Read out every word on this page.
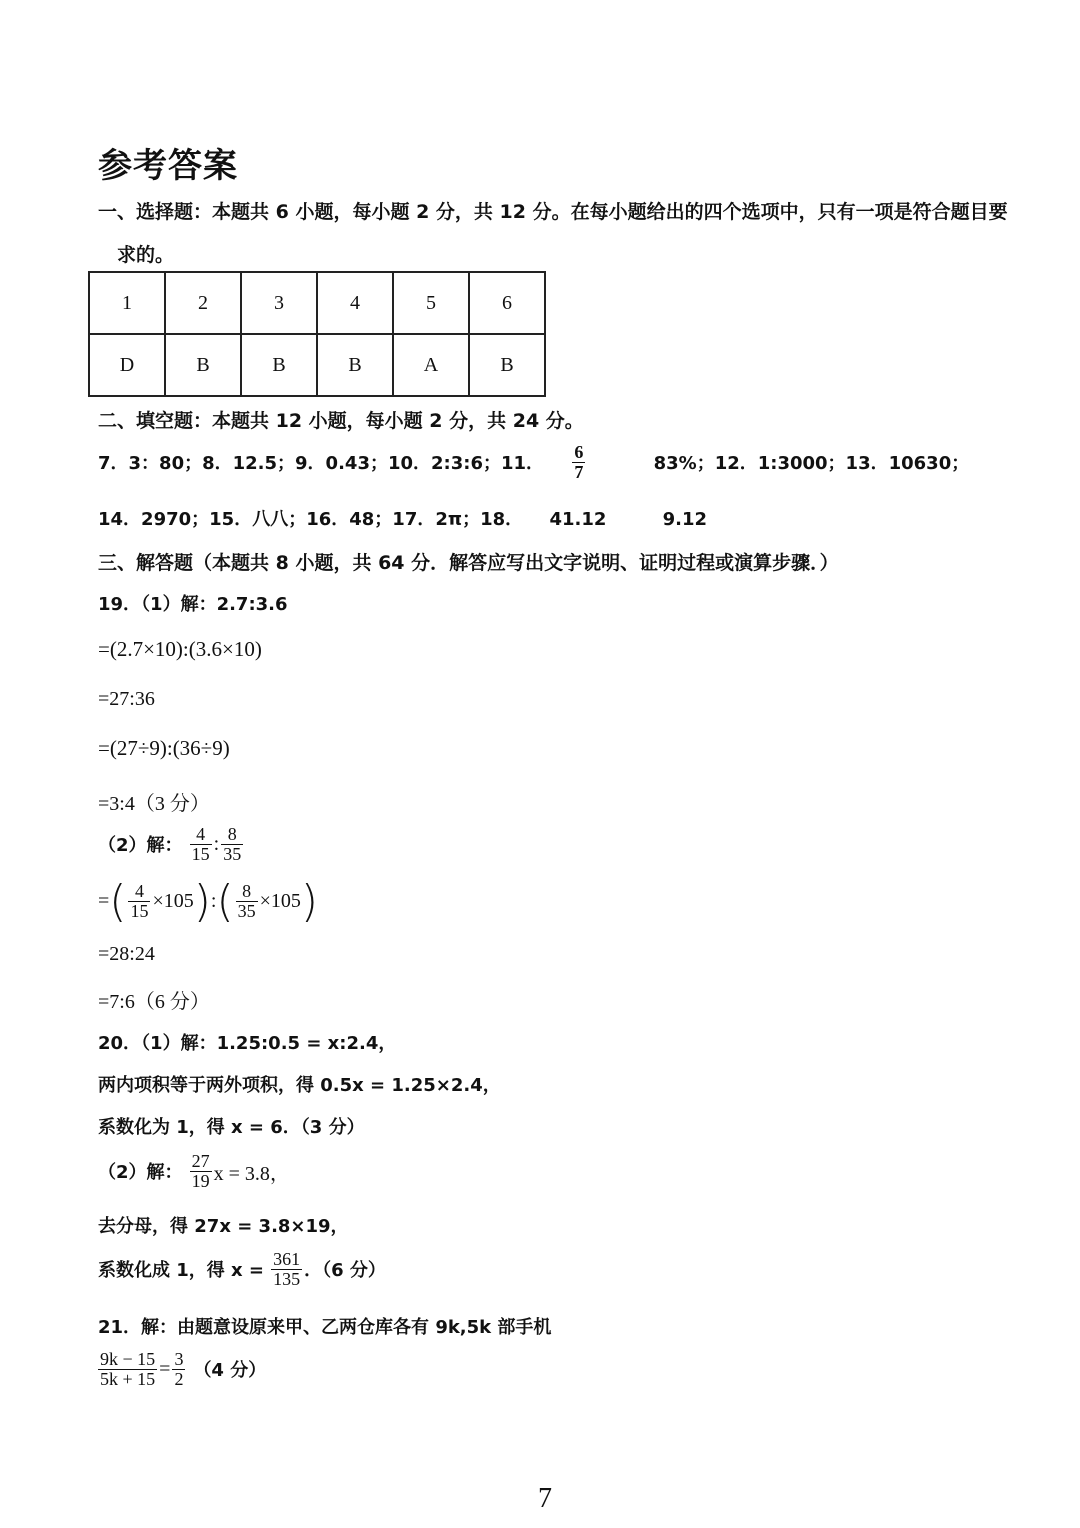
参考答案
一、选择题：本题共 6 小题，每小题 2 分，共 12 分。在每小题给出的四个选项中，只有一项是符合题目要
求的。
1	2	3	4	5	6
D	B	B	B	A	B
二、填空题：本题共 12 小题，每小题 2 分，共 24 分。
7．3：80；8．12.5；9．0.43；10．2:3:6；11． $\frac{6}{7}$	83%；12．1:3000；13．10630；
14．2970；15．八八；16．48；17．2π；18． 41.12	9.12
三、解答题（本题共 8 小题，共 64 分．解答应写出文字说明、证明过程或演算步骤．）
19．（1）解：2.7:3.6
=(2.7×10):(3.6×10)
=27:36
=(27÷9):(36÷9)
=3:4（3 分）
（2）解： $\frac{4}{15}$ : $\frac{8}{35}$
=( $\frac{4}{15}$ ×105):( $\frac{8}{35} \times 105$)
=28:24
=7:6（6 分）
20．（1）解：1.25:0.5 = x:2.4，
两内项积等于两外项积，得 0.5x = 1.25×2.4，
系数化为 1，得 x = 6．（3 分）
（2）解： $\frac{27}{19}$ x = 3.8，
去分母，得 27x = 3.8×19，
系数化成 1，得 $x = \frac{361}{135}$ ．（6 分）
21．解：由题意设原来甲、乙两仓库各有 9k,5k 部手机
$\frac{9k - 15}{5k + 15} = \frac{3}{2} (4$ 分）
7
